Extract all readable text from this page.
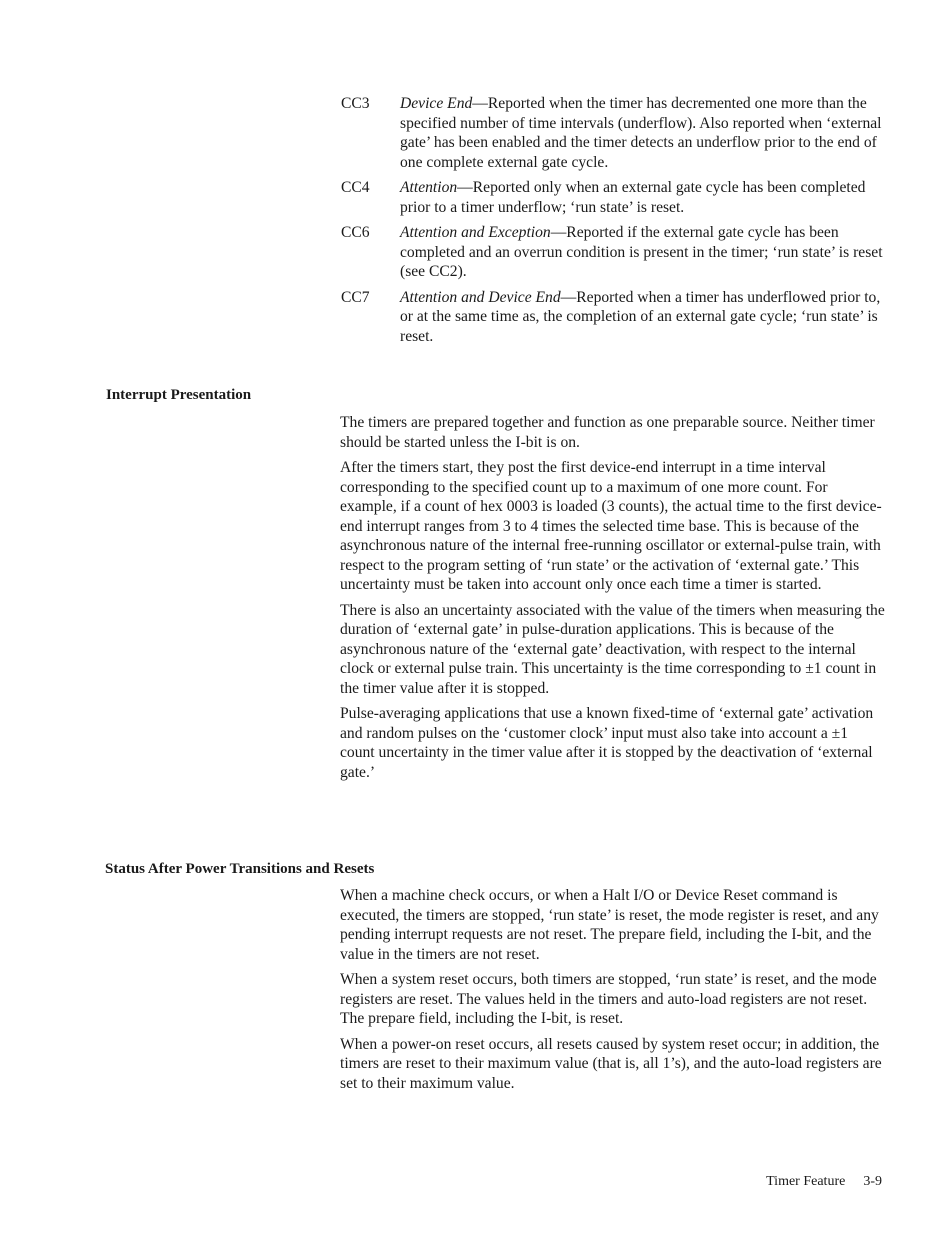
CC3	Device End—Reported when the timer has decremented one more than the specified number of time intervals (underflow). Also reported when ‘external gate’ has been enabled and the timer detects an underflow prior to the end of one complete external gate cycle.
CC4	Attention—Reported only when an external gate cycle has been completed prior to a timer underflow; ‘run state’ is reset.
CC6	Attention and Exception—Reported if the external gate cycle has been completed and an overrun condition is present in the timer; ‘run state’ is reset (see CC2).
CC7	Attention and Device End—Reported when a timer has underflowed prior to, or at the same time as, the completion of an external gate cycle; ‘run state’ is reset.
Interrupt Presentation

The timers are prepared together and function as one preparable source. Neither timer should be started unless the I-bit is on.

After the timers start, they post the first device-end interrupt in a time interval corresponding to the specified count up to a maximum of one more count. For example, if a count of hex 0003 is loaded (3 counts), the actual time to the first device-end interrupt ranges from 3 to 4 times the selected time base. This is because of the asynchronous nature of the internal free-running oscillator or external-pulse train, with respect to the program setting of ‘run state’ or the activation of ‘external gate.’ This uncertainty must be taken into account only once each time a timer is started.

There is also an uncertainty associated with the value of the timers when measuring the duration of ‘external gate’ in pulse-duration applications. This is because of the asynchronous nature of the ‘external gate’ deactivation, with respect to the internal clock or external pulse train. This uncertainty is the time corresponding to ±1 count in the timer value after it is stopped.

Pulse-averaging applications that use a known fixed-time of ‘external gate’ activation and random pulses on the ‘customer clock’ input must also take into account a ±1 count uncertainty in the timer value after it is stopped by the deactivation of ‘external gate.’

Status After Power Transitions and Resets

When a machine check occurs, or when a Halt I/O or Device Reset command is executed, the timers are stopped, ‘run state’ is reset, the mode register is reset, and any pending interrupt requests are not reset. The prepare field, including the I-bit, and the value in the timers are not reset.

When a system reset occurs, both timers are stopped, ‘run state’ is reset, and the mode registers are reset. The values held in the timers and auto-load registers are not reset. The prepare field, including the I-bit, is reset.

When a power-on reset occurs, all resets caused by system reset occur; in addition, the timers are reset to their maximum value (that is, all 1’s), and the auto-load registers are set to their maximum value.

Timer Feature 3-9
